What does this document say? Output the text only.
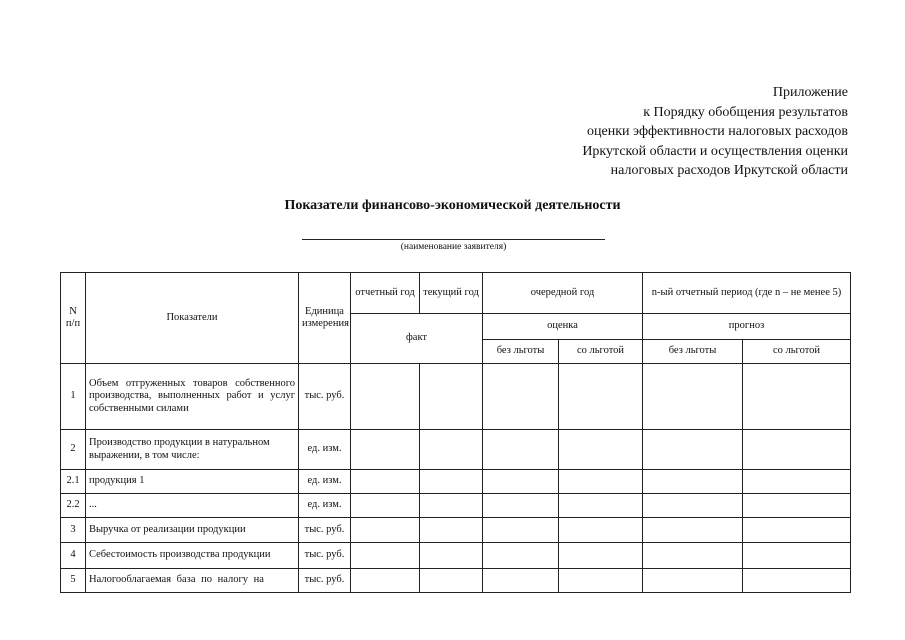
Приложение
к Порядку обобщения результатов
оценки эффективности налоговых расходов
Иркутской области и осуществления оценки
налоговых расходов Иркутской области
Показатели финансово-экономической деятельности
(наименование заявителя)
N п/п	Показатели	Единица измерения	отчетный год	текущий год	очередной год		n-ый отчетный период (где n – не менее 5)	
			факт		оценка		прогноз	
					без льготы	со льготой	без льготы	со льготой
1	Объем отгруженных товаров собственного производства, выполненных работ и услуг собственными силами	тыс. руб.						
2	Производство продукции в натуральном выражении, в том числе:	ед. изм.						
2.1	продукция 1	ед. изм.						
2.2	...	ед. изм.						
3	Выручка от реализации продукции	тыс. руб.						
4	Себестоимость производства продукции	тыс. руб.						
5	Налогооблагаемая база по налогу на	тыс. руб.						
